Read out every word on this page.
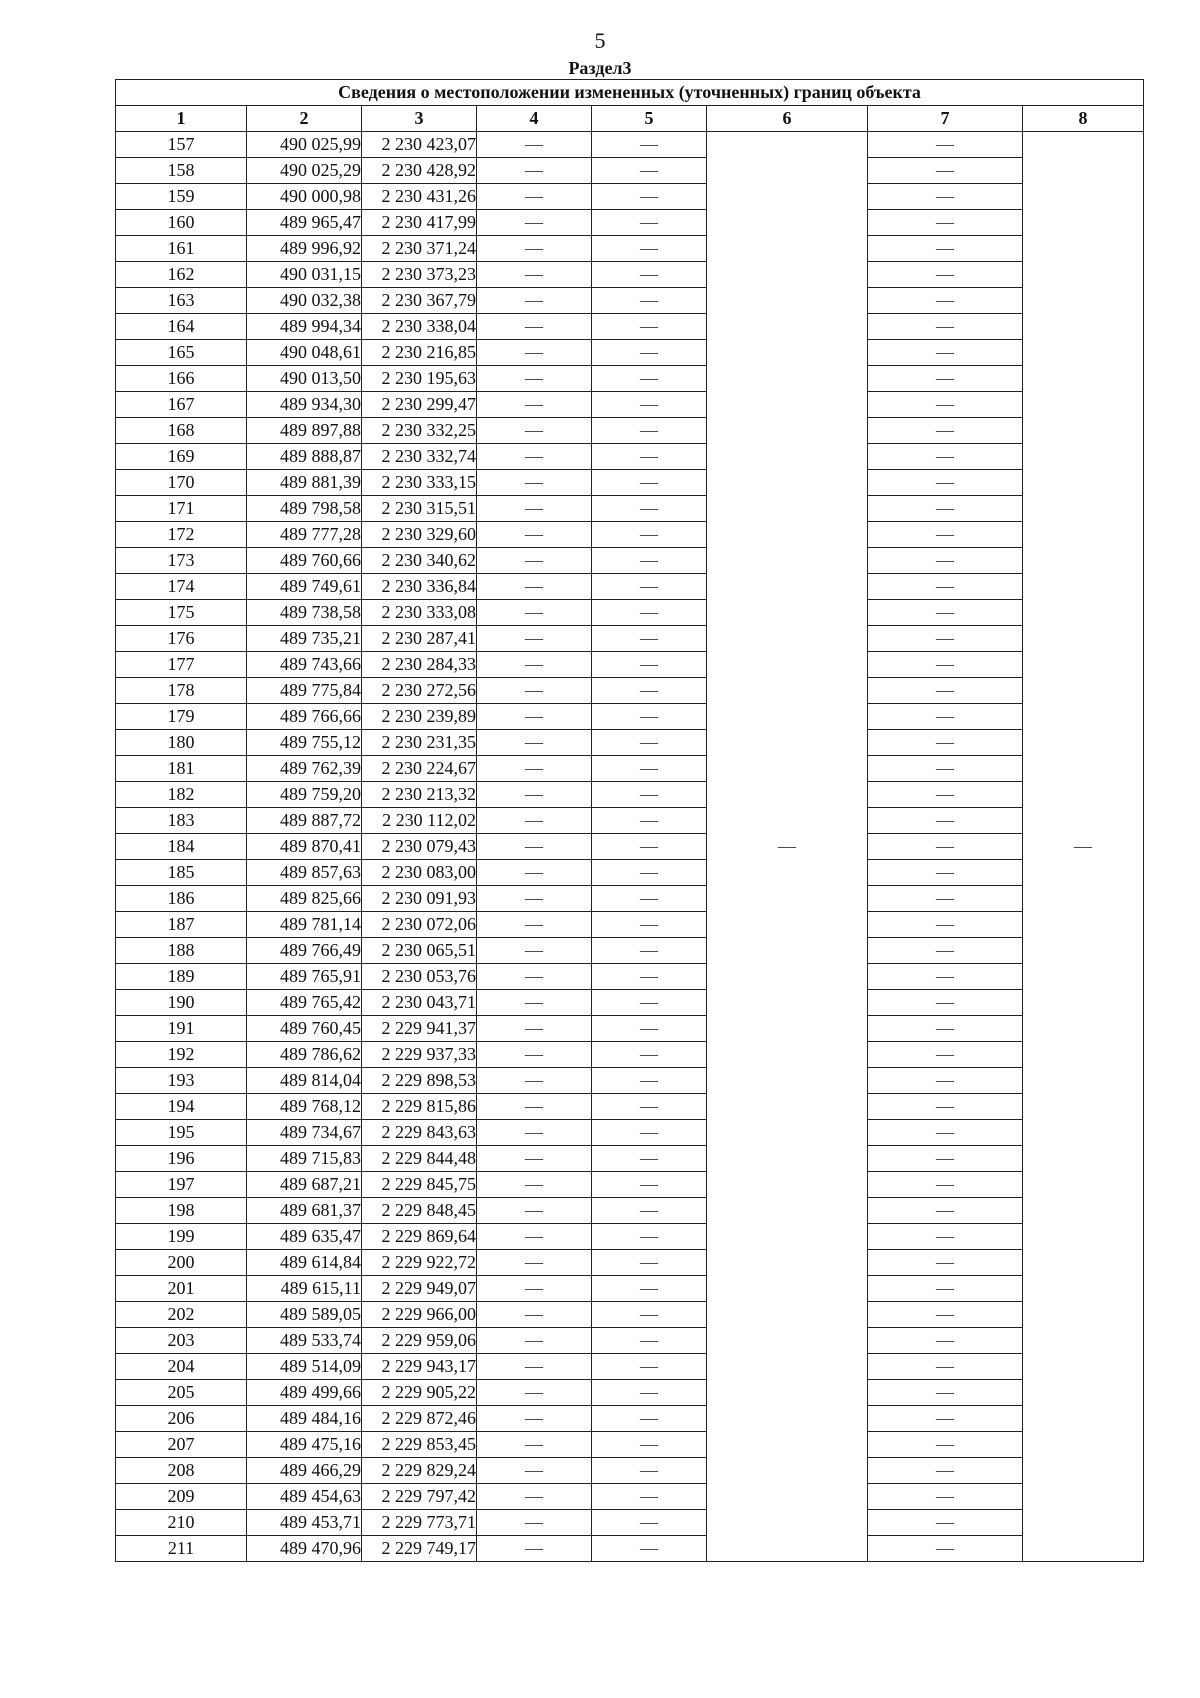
5
Раздел3
Сведения о местоположении измененных (уточненных) границ объекта							
1	2	3	4	5	6	7	8
157	490 025,99	2 230 423,07	—	—	—	—	—
158	490 025,29	2 230 428,92	—	—		—	
159	490 000,98	2 230 431,26	—	—		—	
160	489 965,47	2 230 417,99	—	—		—	
161	489 996,92	2 230 371,24	—	—		—	
162	490 031,15	2 230 373,23	—	—		—	
163	490 032,38	2 230 367,79	—	—		—	
164	489 994,34	2 230 338,04	—	—		—	
165	490 048,61	2 230 216,85	—	—		—	
166	490 013,50	2 230 195,63	—	—		—	
167	489 934,30	2 230 299,47	—	—		—	
168	489 897,88	2 230 332,25	—	—		—	
169	489 888,87	2 230 332,74	—	—		—	
170	489 881,39	2 230 333,15	—	—		—	
171	489 798,58	2 230 315,51	—	—		—	
172	489 777,28	2 230 329,60	—	—		—	
173	489 760,66	2 230 340,62	—	—		—	
174	489 749,61	2 230 336,84	—	—		—	
175	489 738,58	2 230 333,08	—	—		—	
176	489 735,21	2 230 287,41	—	—		—	
177	489 743,66	2 230 284,33	—	—		—	
178	489 775,84	2 230 272,56	—	—		—	
179	489 766,66	2 230 239,89	—	—		—	
180	489 755,12	2 230 231,35	—	—		—	
181	489 762,39	2 230 224,67	—	—		—	
182	489 759,20	2 230 213,32	—	—		—	
183	489 887,72	2 230 112,02	—	—		—	
184	489 870,41	2 230 079,43	—	—		—	
185	489 857,63	2 230 083,00	—	—		—	
186	489 825,66	2 230 091,93	—	—		—	
187	489 781,14	2 230 072,06	—	—		—	
188	489 766,49	2 230 065,51	—	—		—	
189	489 765,91	2 230 053,76	—	—		—	
190	489 765,42	2 230 043,71	—	—		—	
191	489 760,45	2 229 941,37	—	—		—	
192	489 786,62	2 229 937,33	—	—		—	
193	489 814,04	2 229 898,53	—	—		—	
194	489 768,12	2 229 815,86	—	—		—	
195	489 734,67	2 229 843,63	—	—		—	
196	489 715,83	2 229 844,48	—	—		—	
197	489 687,21	2 229 845,75	—	—		—	
198	489 681,37	2 229 848,45	—	—		—	
199	489 635,47	2 229 869,64	—	—		—	
200	489 614,84	2 229 922,72	—	—		—	
201	489 615,11	2 229 949,07	—	—		—	
202	489 589,05	2 229 966,00	—	—		—	
203	489 533,74	2 229 959,06	—	—		—	
204	489 514,09	2 229 943,17	—	—		—	
205	489 499,66	2 229 905,22	—	—		—	
206	489 484,16	2 229 872,46	—	—		—	
207	489 475,16	2 229 853,45	—	—		—	
208	489 466,29	2 229 829,24	—	—		—	
209	489 454,63	2 229 797,42	—	—		—	
210	489 453,71	2 229 773,71	—	—		—	
211	489 470,96	2 229 749,17	—	—		—	
